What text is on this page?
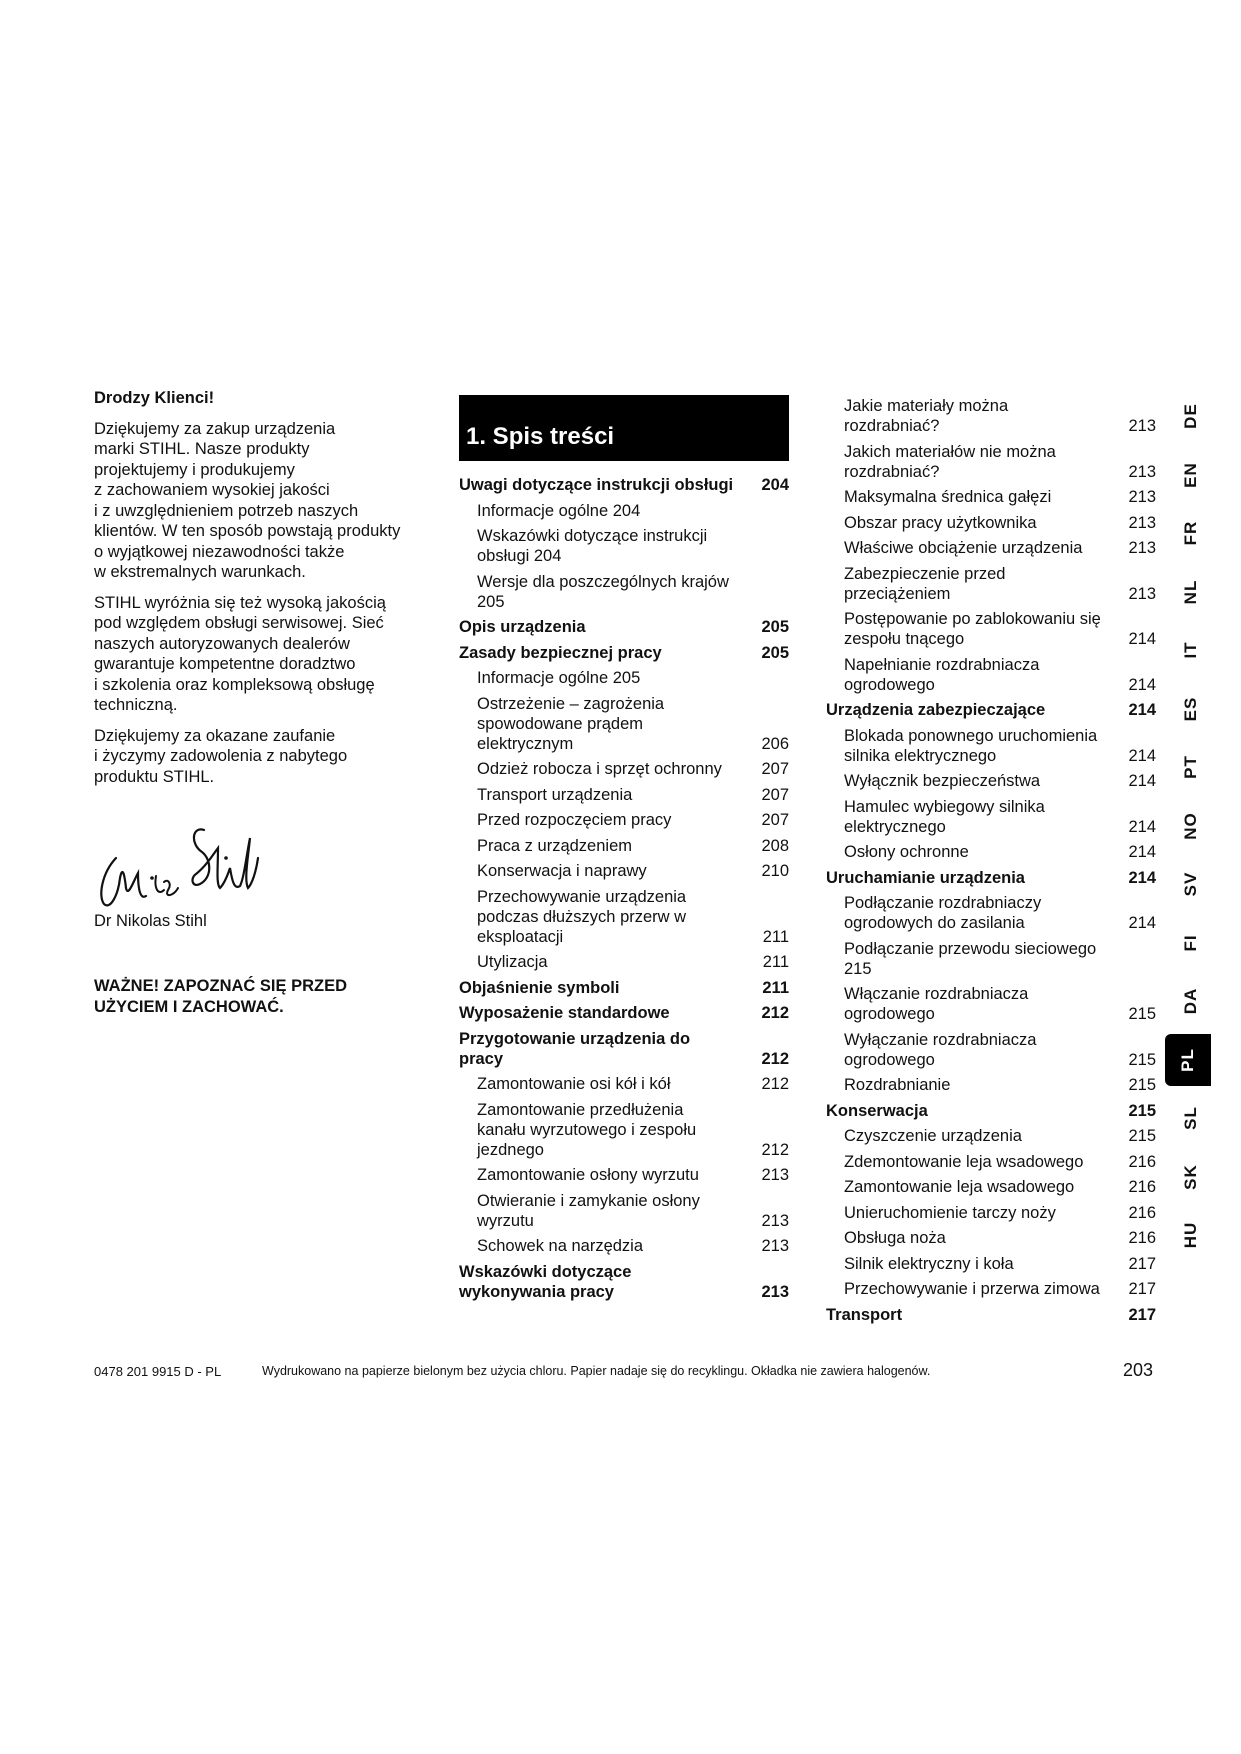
Drodzy Klienci!

Dziękujemy za zakup urządzenia
marki STIHL. Nasze produkty
projektujemy i produkujemy
z zachowaniem wysokiej jakości
i z uwzględnieniem potrzeb naszych
klientów. W ten sposób powstają produkty
o wyjątkowej niezawodności także
w ekstremalnych warunkach.

STIHL wyróżnia się też wysoką jakością
pod względem obsługi serwisowej. Sieć
naszych autoryzowanych dealerów
gwarantuje kompetentne doradztwo
i szkolenia oraz kompleksową obsługę
techniczną.

Dziękujemy za okazane zaufanie
i życzymy zadowolenia z nabytego
produktu STIHL.

Dr Nikolas Stihl
WAŻNE! ZAPOZNAĆ SIĘ PRZED
UŻYCIEM I ZACHOWAĆ.
1. Spis treści
Uwagi dotyczące instrukcji obsługi	204
Informacje ogólne 204
Wskazówki dotyczące instrukcji
obsługi 204
Wersje dla poszczególnych krajów 205
Opis urządzenia	205
Zasady bezpiecznej pracy	205
Informacje ogólne 205
Ostrzeżenie – zagrożenia
spowodowane prądem
elektrycznym	206
Odzież robocza i sprzęt ochronny	207
Transport urządzenia	207
Przed rozpoczęciem pracy	207
Praca z urządzeniem	208
Konserwacja i naprawy	210
Przechowywanie urządzenia
podczas dłuższych przerw w
eksploatacji	211
Utylizacja	211
Objaśnienie symboli	211
Wyposażenie standardowe	212
Przygotowanie urządzenia do
pracy	212
Zamontowanie osi kół i kół	212
Zamontowanie przedłużenia
kanału wyrzutowego i zespołu
jezdnego	212
Zamontowanie osłony wyrzutu	213
Otwieranie i zamykanie osłony
wyrzutu	213
Schowek na narzędzia	213
Wskazówki dotyczące
wykonywania pracy	213
Jakie materiały można
rozdrabniać?	213
Jakich materiałów nie można
rozdrabniać?	213
Maksymalna średnica gałęzi	213
Obszar pracy użytkownika	213
Właściwe obciążenie urządzenia	213
Zabezpieczenie przed
przeciążeniem	213
Postępowanie po zablokowaniu się
zespołu tnącego	214
Napełnianie rozdrabniacza
ogrodowego	214
Urządzenia zabezpieczające	214
Blokada ponownego uruchomienia
silnika elektrycznego	214
Wyłącznik bezpieczeństwa	214
Hamulec wybiegowy silnika
elektrycznego	214
Osłony ochronne	214
Uruchamianie urządzenia	214
Podłączanie rozdrabniaczy
ogrodowych do zasilania	214
Podłączanie przewodu sieciowego 215
Włączanie rozdrabniacza
ogrodowego	215
Wyłączanie rozdrabniacza
ogrodowego	215
Rozdrabnianie	215
Konserwacja	215
Czyszczenie urządzenia	215
Zdemontowanie leja wsadowego	216
Zamontowanie leja wsadowego	216
Unieruchomienie tarczy noży	216
Obsługa noża	216
Silnik elektryczny i koła	217
Przechowywanie i przerwa zimowa	217
Transport	217
DE
EN
FR
NL
IT
ES
PT
NO
SV
FI
DA
PL
SL
SK
HU
0478 201 9915 D - PL	Wydrukowano na papierze bielonym bez użycia chloru. Papier nadaje się do recyklingu. Okładka nie zawiera halogenów.	203
